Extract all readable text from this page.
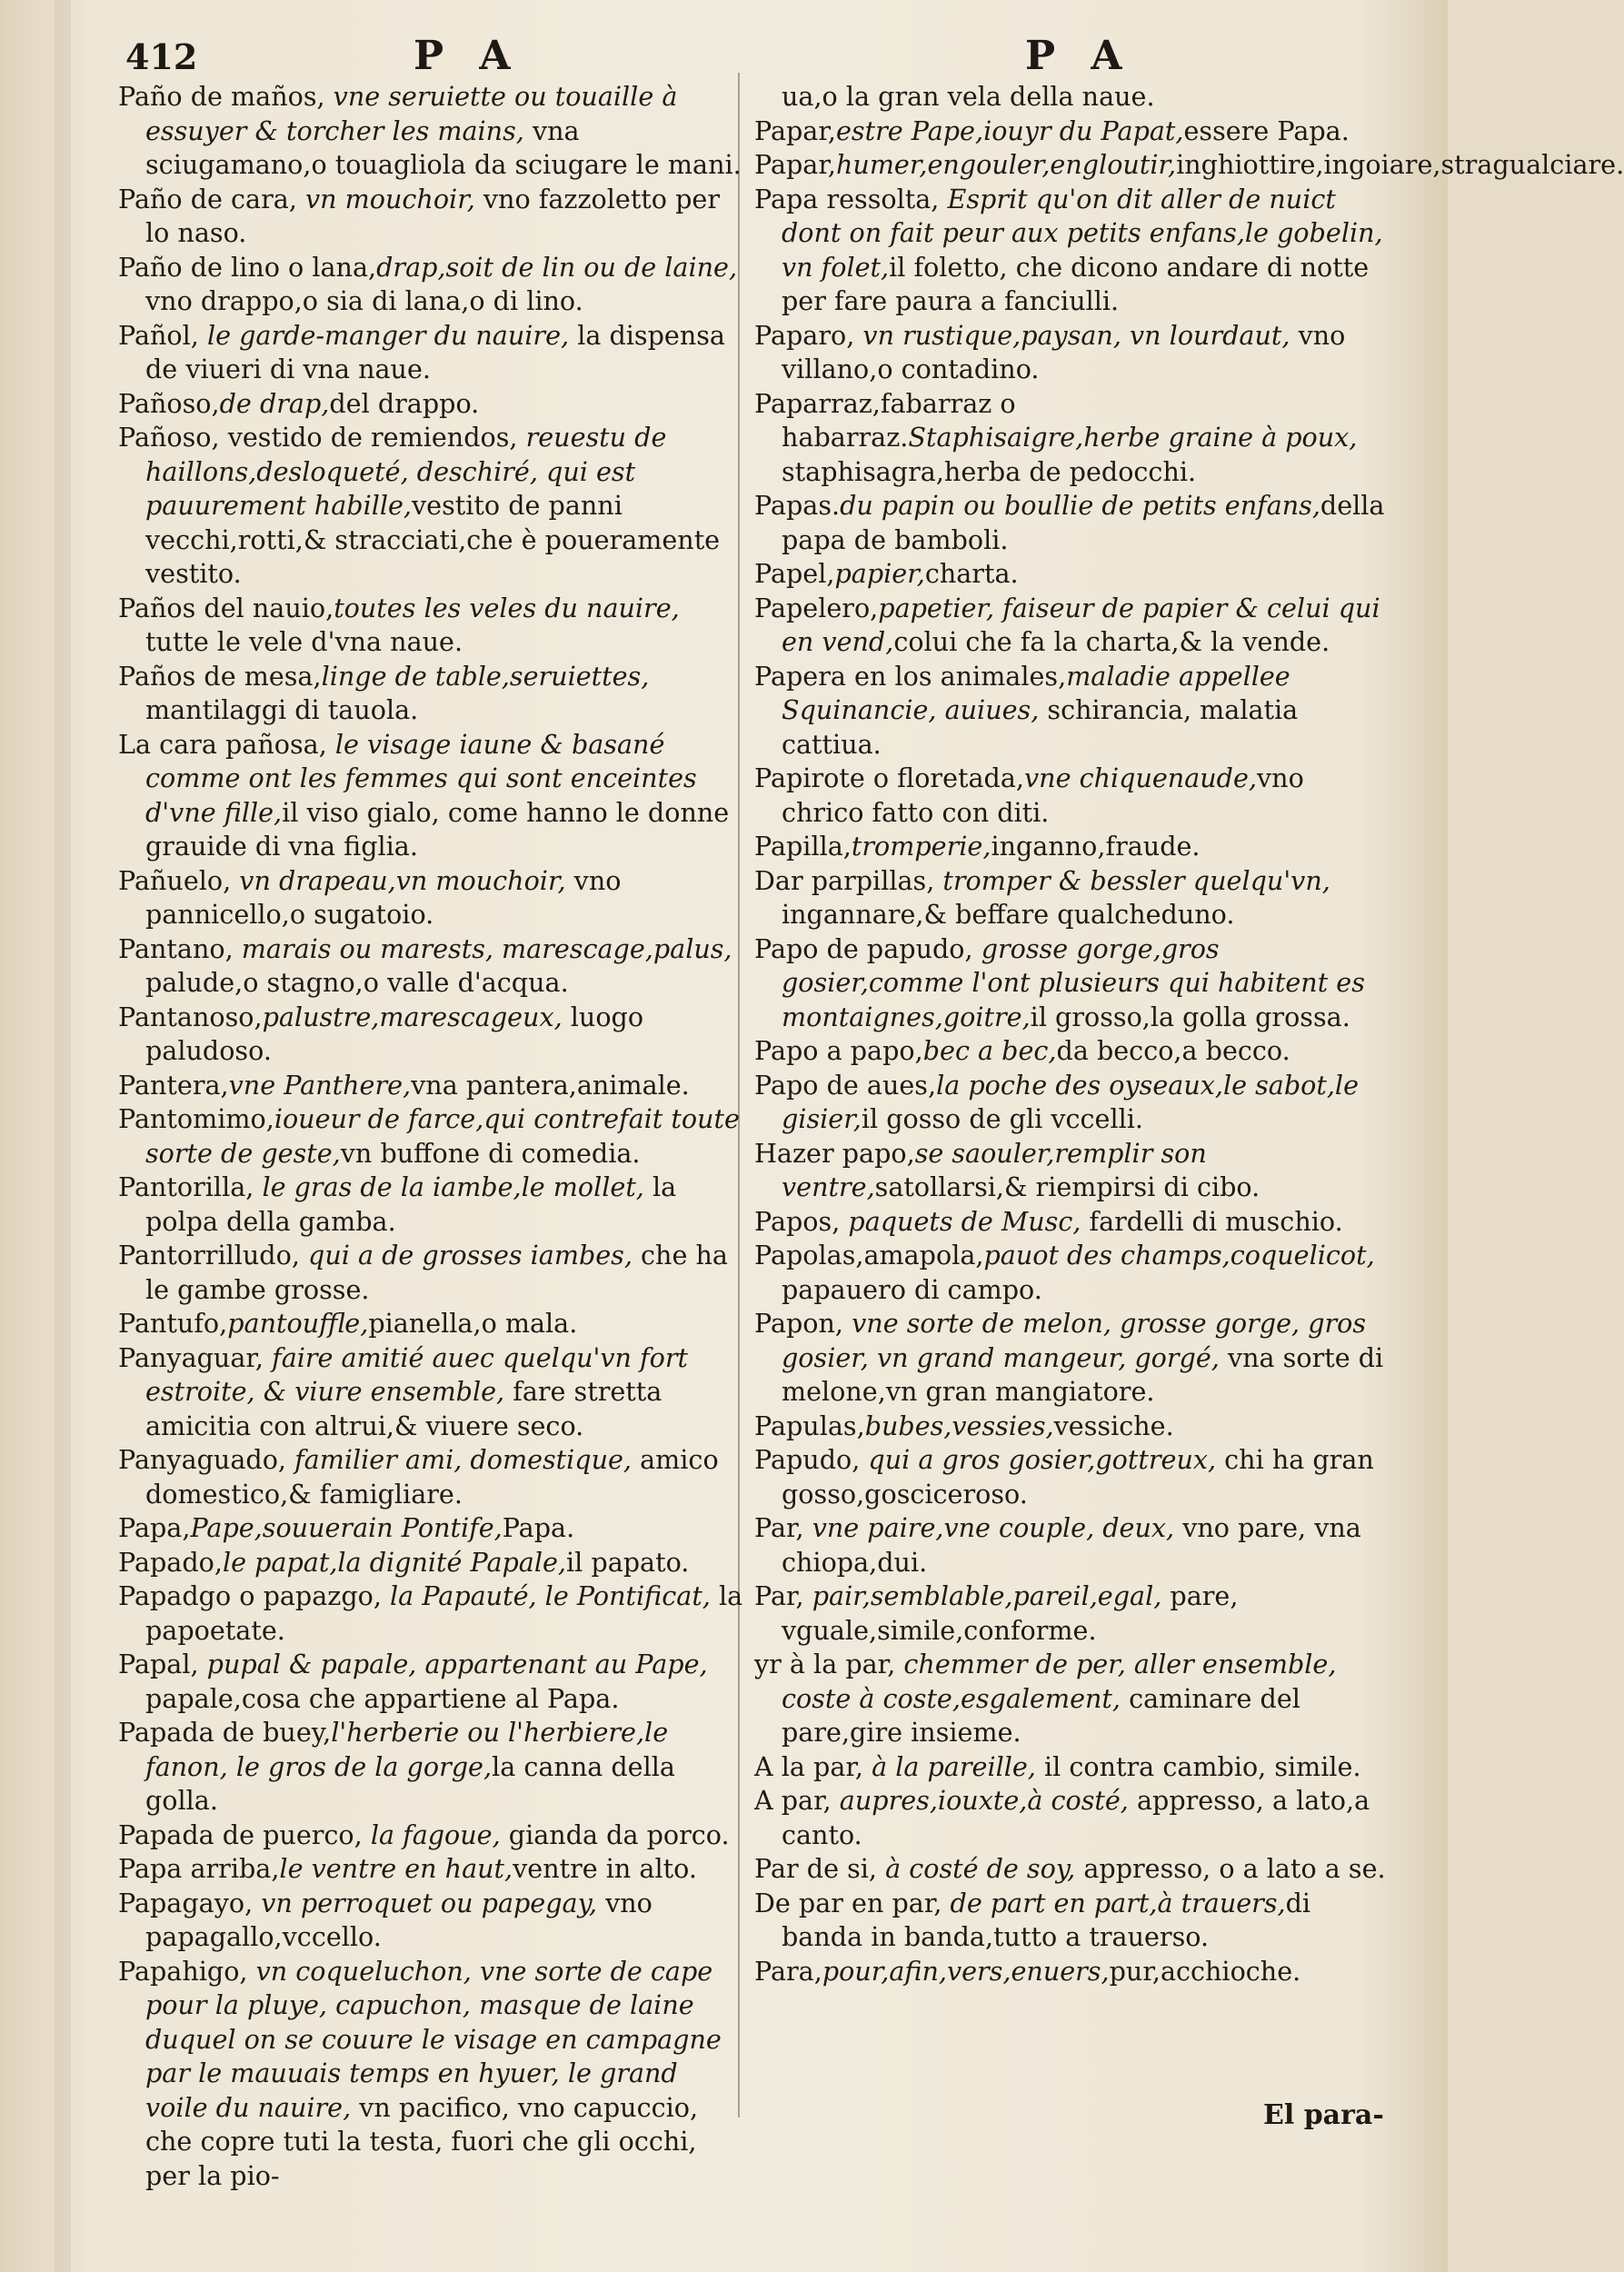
412	P A	P A

Paño de maños, vne seruiette ou touaille à essuyer & torcher les mains, vna sciugamano,o touagliola da sciugare le mani.

Paño de cara, vn mouchoir, vno fazzoletto per lo naso.

Paño de lino o lana,drap,soit de lin ou de laine, vno drappo,o sia di lana,o di lino.

Pañol, le garde-manger du nauire, la dispensa de viueri di vna naue.

Pañoso,de drap,del drappo.

Pañoso, vestido de remiendos, reuestu de haillons,desloqueté, deschiré, qui est pauurement habille,vestito de panni vecchi,rotti,& stracciati,che è poueramente vestito.

Paños del nauio,toutes les veles du nauire, tutte le vele d'vna naue.

Paños de mesa,linge de table,seruiettes, mantilaggi di tauola.

La cara pañosa, le visage iaune & basané comme ont les femmes qui sont enceintes d'vne fille,il viso gialo, come hanno le donne grauide di vna figlia.

Pañuelo, vn drapeau,vn mouchoir, vno pannicello,o sugatoio.

Pantano, marais ou marests, marescage,palus, palude,o stagno,o valle d'acqua.

Pantanoso,palustre,marescageux, luogo paludoso.

Pantera,vne Panthere,vna pantera,animale.

Pantomimo,ioueur de farce,qui contrefait toute sorte de geste,vn buffone di comedia.

Pantorilla, le gras de la iambe,le mollet, la polpa della gamba.

Pantorrilludo, qui a de grosses iambes, che ha le gambe grosse.

Pantufo,pantouffle,pianella,o mala.

Panyaguar, faire amitié auec quelqu'vn fort estroite, & viure ensemble, fare stretta amicitia con altrui,& viuere seco.

Panyaguado, familier ami, domestique, amico domestico,& famigliare.

Papa,Pape,souuerain Pontife,Papa.

Papado,le papat,la dignité Papale,il papato.

Papadgo o papazgo, la Papauté, le Pontificat, la papoetate.

Papal, pupal & papale, appartenant au Pape, papale,cosa che appartiene al Papa.

Papada de buey,l'herberie ou l'herbiere,le fanon, le gros de la gorge,la canna della golla.

Papada de puerco, la fagoue, gianda da porco.

Papa arriba,le ventre en haut,ventre in alto.

Papagayo, vn perroquet ou papegay, vno papagallo,vccello.

Papahigo, vn coqueluchon, vne sorte de cape pour la pluye, capuchon, masque de laine duquel on se couure le visage en campagne par le mauuais temps en hyuer, le grand voile du nauire, vn pacifico, vno capuccio, che copre tuti la testa, fuori che gli occhi, per la pio-

ua,o la gran vela della naue.

Papar,estre Pape,iouyr du Papat,essere Papa.

Papar,humer,engouler,engloutir,inghiottire,ingoiare,stragualciare.

Papa ressolta, Esprit qu'on dit aller de nuict dont on fait peur aux petits enfans,le gobelin, vn folet,il foletto, che dicono andare di notte per fare paura a fanciulli.

Paparo, vn rustique,paysan, vn lourdaut, vno villano,o contadino.

Paparraz,fabarraz o habarraz.Staphisaigre,herbe graine à poux, staphisagra,herba de pedocchi.

Papas.du papin ou boullie de petits enfans,della papa de bamboli.

Papel,papier,charta.

Papelero,papetier, faiseur de papier & celui qui en vend,colui che fa la charta,& la vende.

Papera en los animales,maladie appellee Squinancie, auiues, schirancia, malatia cattiua.

Papirote o floretada,vne chiquenaude,vno chrico fatto con diti.

Papilla,tromperie,inganno,fraude.

Dar parpillas, tromper & bessler quelqu'vn, ingannare,& beffare qualcheduno.

Papo de papudo, grosse gorge,gros gosier,comme l'ont plusieurs qui habitent es montaignes,goitre,il grosso,la golla grossa.

Papo a papo,bec a bec,da becco,a becco.

Papo de aues,la poche des oyseaux,le sabot,le gisier,il gosso de gli vccelli.

Hazer papo,se saouler,remplir son ventre,satollarsi,& riempirsi di cibo.

Papos, paquets de Musc, fardelli di muschio.

Papolas,amapola,pauot des champs,coquelicot, papauero di campo.

Papon, vne sorte de melon, grosse gorge, gros gosier, vn grand mangeur, gorgé, vna sorte di melone,vn gran mangiatore.

Papulas,bubes,vessies,vessiche.

Papudo, qui a gros gosier,gottreux, chi ha gran gosso,gosciceroso.

Par, vne paire,vne couple, deux, vno pare, vna chiopa,dui.

Par, pair,semblable,pareil,egal, pare, vguale,simile,conforme.

yr à la par, chemmer de per, aller ensemble, coste à coste,esgalement, caminare del pare,gire insieme.

A la par, à la pareille, il contra cambio, simile.

A par, aupres,iouxte,à costé, appresso, a lato,a canto.

Par de si, à costé de soy, appresso, o a lato a se.

De par en par, de part en part,à trauers,di banda in banda,tutto a trauerso.

Para,pour,afin,vers,enuers,pur,acchioche.

El para-
